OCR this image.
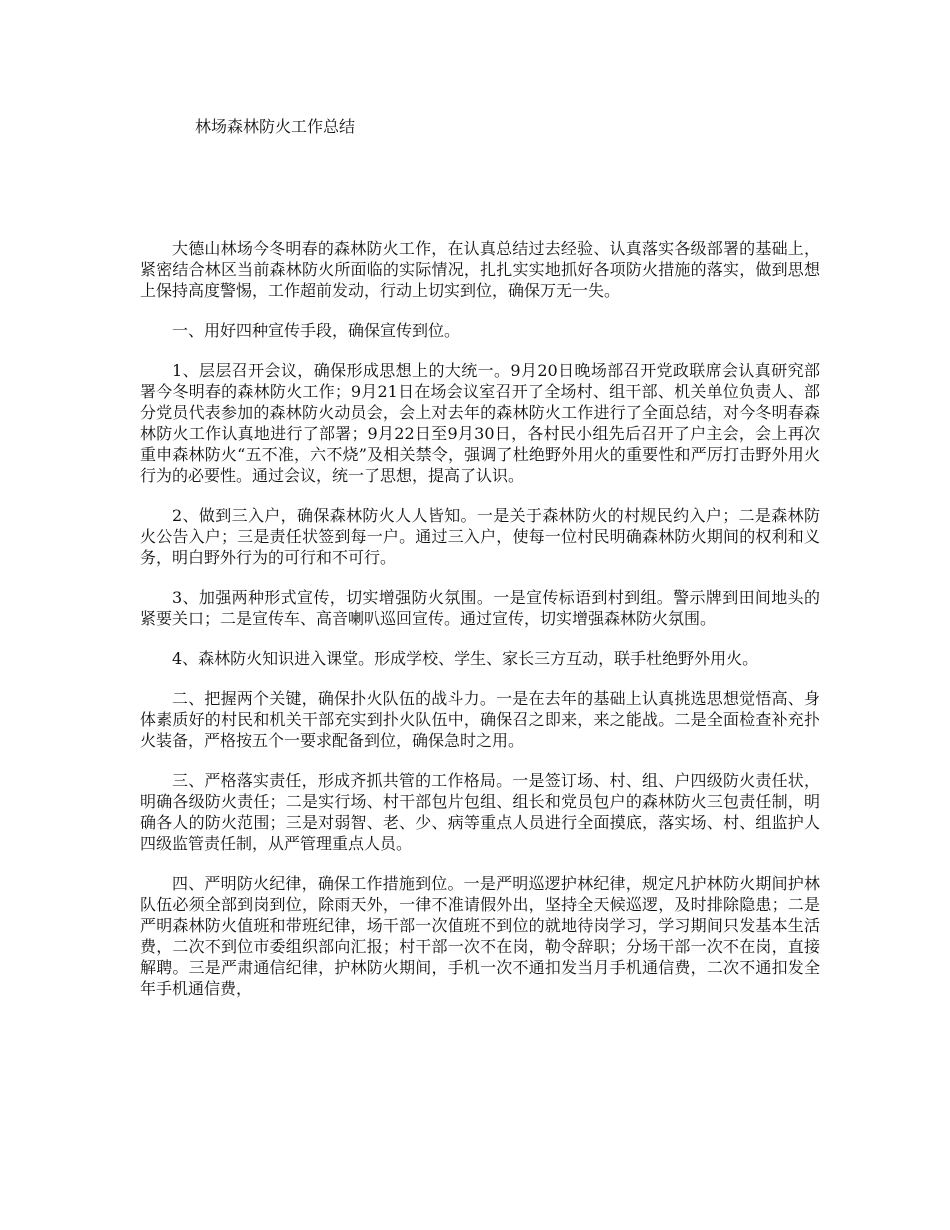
林场森林防火工作总结

大德山林场今冬明春的森林防火工作，在认真总结过去经验、认真落实各级部署的基础上，紧密结合林区当前森林防火所面临的实际情况，扎扎实实地抓好各项防火措施的落实，做到思想上保持高度警惕，工作超前发动，行动上切实到位，确保万无一失。

一、用好四种宣传手段，确保宣传到位。

1、层层召开会议，确保形成思想上的大统一。9月20日晚场部召开党政联席会认真研究部署今冬明春的森林防火工作；9月21日在场会议室召开了全场村、组干部、机关单位负责人、部分党员代表参加的森林防火动员会，会上对去年的森林防火工作进行了全面总结，对今冬明春森林防火工作认真地进行了部署；9月22日至9月30日，各村民小组先后召开了户主会，会上再次重申森林防火“五不准，六不烧”及相关禁令，强调了杜绝野外用火的重要性和严厉打击野外用火行为的必要性。通过会议，统一了思想，提高了认识。

2、做到三入户，确保森林防火人人皆知。一是关于森林防火的村规民约入户；二是森林防火公告入户；三是责任状签到每一户。通过三入户，使每一位村民明确森林防火期间的权利和义务，明白野外行为的可行和不可行。

3、加强两种形式宣传，切实增强防火氛围。一是宣传标语到村到组。警示牌到田间地头的紧要关口；二是宣传车、高音喇叭巡回宣传。通过宣传，切实增强森林防火氛围。

4、森林防火知识进入课堂。形成学校、学生、家长三方互动，联手杜绝野外用火。

二、把握两个关键，确保扑火队伍的战斗力。一是在去年的基础上认真挑选思想觉悟高、身体素质好的村民和机关干部充实到扑火队伍中，确保召之即来，来之能战。二是全面检查补充扑火装备，严格按五个一要求配备到位，确保急时之用。

三、严格落实责任，形成齐抓共管的工作格局。一是签订场、村、组、户四级防火责任状，明确各级防火责任；二是实行场、村干部包片包组、组长和党员包户的森林防火三包责任制，明确各人的防火范围；三是对弱智、老、少、病等重点人员进行全面摸底，落实场、村、组监护人四级监管责任制，从严管理重点人员。

四、严明防火纪律，确保工作措施到位。一是严明巡逻护林纪律，规定凡护林防火期间护林队伍必须全部到岗到位，除雨天外，一律不准请假外出，坚持全天候巡逻，及时排除隐患；二是严明森林防火值班和带班纪律，场干部一次值班不到位的就地待岗学习，学习期间只发基本生活费，二次不到位市委组织部向汇报；村干部一次不在岗，勒令辞职；分场干部一次不在岗，直接解聘。三是严肃通信纪律，护林防火期间，手机一次不通扣发当月手机通信费，二次不通扣发全年手机通信费，
